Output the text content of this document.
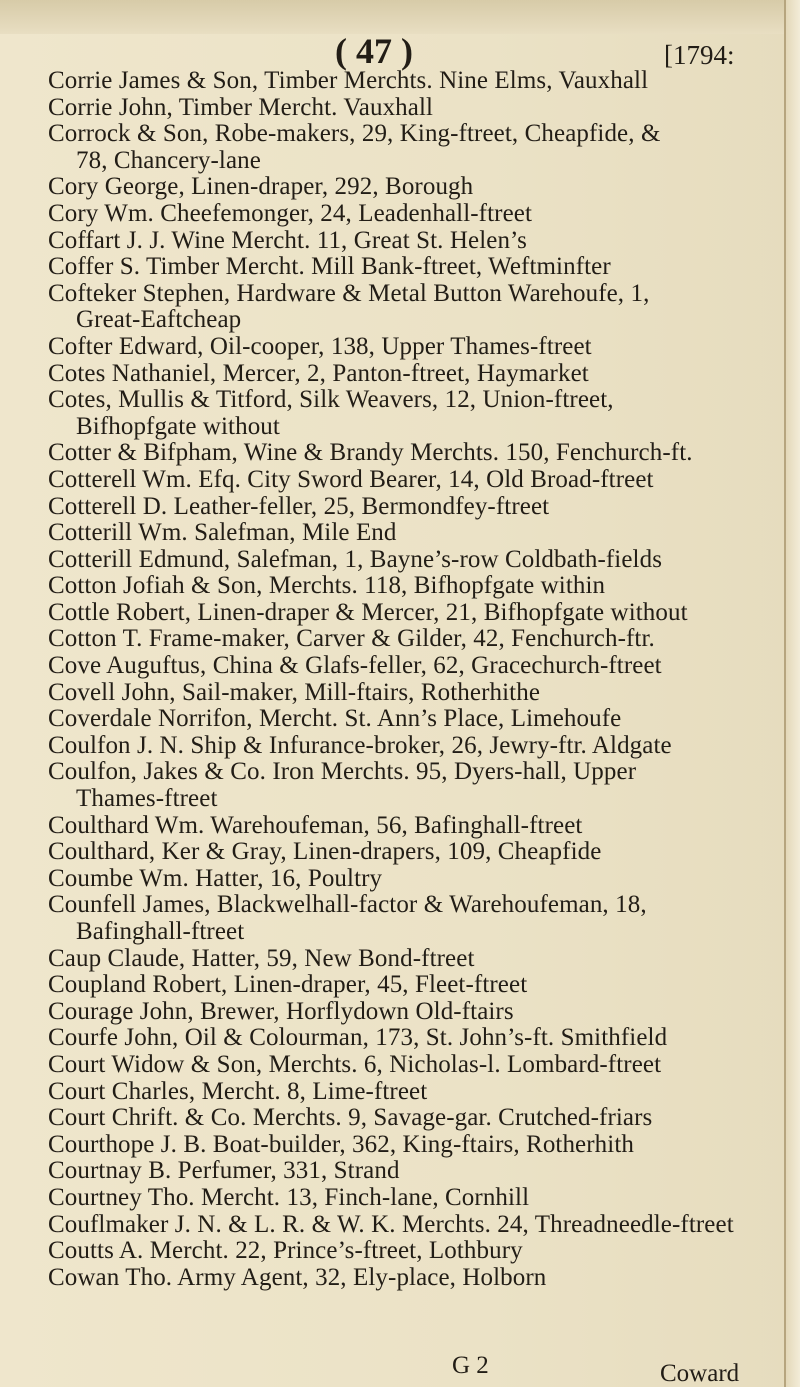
( 47 )	[1794:
Corrie James & Son, Timber Merchts. Nine Elms, Vauxhall
Corrie John, Timber Mercht. Vauxhall
Corrock & Son, Robe-makers, 29, King-ftreet, Cheapfide, &
78, Chancery-lane
Cory George, Linen-draper, 292, Borough
Cory Wm. Cheefemonger, 24, Leadenhall-ftreet
Coffart J. J. Wine Mercht. 11, Great St. Helen’s
Coffer S. Timber Mercht. Mill Bank-ftreet, Weftminfter
Cofteker Stephen, Hardware & Metal Button Warehoufe, 1,
Great-Eaftcheap
Cofter Edward, Oil-cooper, 138, Upper Thames-ftreet
Cotes Nathaniel, Mercer, 2, Panton-ftreet, Haymarket
Cotes, Mullis & Titford, Silk Weavers, 12, Union-ftreet,
Bifhopfgate without
Cotter & Bifpham, Wine & Brandy Merchts. 150, Fenchurch-ft.
Cotterell Wm. Efq. City Sword Bearer, 14, Old Broad-ftreet
Cotterell D. Leather-feller, 25, Bermondfey-ftreet
Cotterill Wm. Salefman, Mile End
Cotterill Edmund, Salefman, 1, Bayne’s-row Coldbath-fields
Cotton Jofiah & Son, Merchts. 118, Bifhopfgate within
Cottle Robert, Linen-draper & Mercer, 21, Bifhopfgate without
Cotton T. Frame-maker, Carver & Gilder, 42, Fenchurch-ftr.
Cove Auguftus, China & Glafs-feller, 62, Gracechurch-ftreet
Covell John, Sail-maker, Mill-ftairs, Rotherhithe
Coverdale Norrifon, Mercht. St. Ann’s Place, Limehoufe
Coulfon J. N. Ship & Infurance-broker, 26, Jewry-ftr. Aldgate
Coulfon, Jakes & Co. Iron Merchts. 95, Dyers-hall, Upper
Thames-ftreet
Coulthard Wm. Warehoufeman, 56, Bafinghall-ftreet
Coulthard, Ker & Gray, Linen-drapers, 109, Cheapfide
Coumbe Wm. Hatter, 16, Poultry
Counfell James, Blackwelhall-factor & Warehoufeman, 18,
Bafinghall-ftreet
Caup Claude, Hatter, 59, New Bond-ftreet
Coupland Robert, Linen-draper, 45, Fleet-ftreet
Courage John, Brewer, Horflydown Old-ftairs
Courfe John, Oil & Colourman, 173, St. John’s-ft. Smithfield
Court Widow & Son, Merchts. 6, Nicholas-l. Lombard-ftreet
Court Charles, Mercht. 8, Lime-ftreet
Court Chrift. & Co. Merchts. 9, Savage-gar. Crutched-friars
Courthope J. B. Boat-builder, 362, King-ftairs, Rotherhith
Courtnay B. Perfumer, 331, Strand
Courtney Tho. Mercht. 13, Finch-lane, Cornhill
Couflmaker J. N. & L. R. & W. K. Merchts. 24, Threadneedle-ftreet
Coutts A. Mercht. 22, Prince’s-ftreet, Lothbury
Cowan Tho. Army Agent, 32, Ely-place, Holborn
G 2	Coward
